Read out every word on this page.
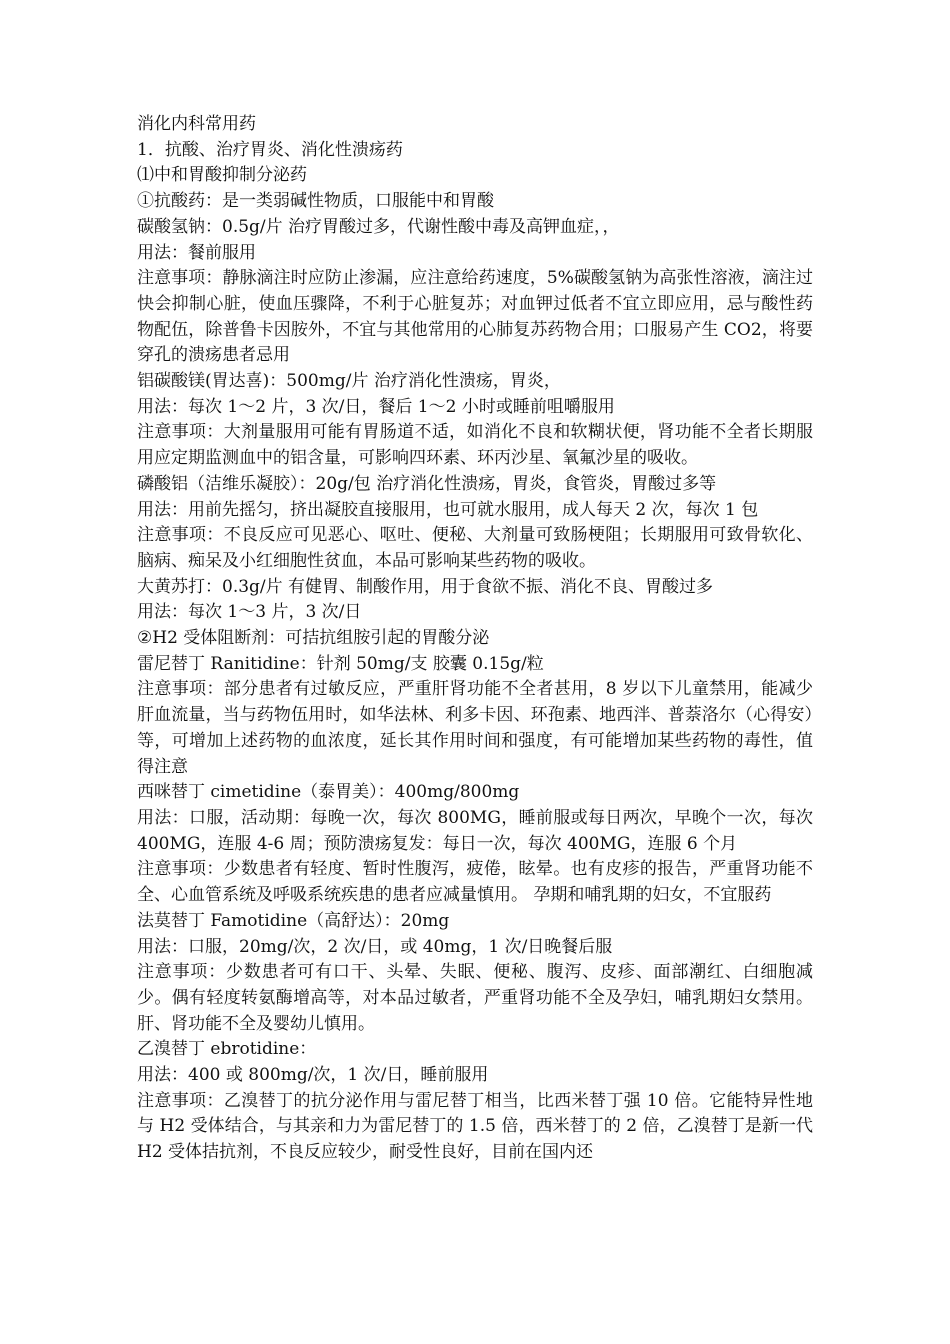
消化内科常用药

1．抗酸、治疗胃炎、消化性溃疡药

⑴中和胃酸抑制分泌药

①抗酸药：是一类弱碱性物质，口服能中和胃酸

碳酸氢钠：0.5g/片 治疗胃酸过多，代谢性酸中毒及高钾血症，，

用法：餐前服用

注意事项：静脉滴注时应防止渗漏，应注意给药速度，5%碳酸氢钠为高张性溶液，滴注过快会抑制心脏，使血压骤降，不利于心脏复苏；对血钾过低者不宜立即应用，忌与酸性药物配伍，除普鲁卡因胺外，不宜与其他常用的心肺复苏药物合用；口服易产生 CO2，将要穿孔的溃疡患者忌用

铝碳酸镁(胃达喜)：500mg/片 治疗消化性溃疡，胃炎，

用法：每次 1～2 片，3 次/日，餐后 1～2 小时或睡前咀嚼服用

注意事项：大剂量服用可能有胃肠道不适，如消化不良和软糊状便，肾功能不全者长期服用应定期监测血中的铝含量，可影响四环素、环丙沙星、氧氟沙星的吸收。

磷酸铝（洁维乐凝胶）：20g/包 治疗消化性溃疡，胃炎，食管炎，胃酸过多等

用法：用前先摇匀，挤出凝胶直接服用，也可就水服用，成人每天 2 次，每次 1 包

注意事项：不良反应可见恶心、呕吐、便秘、大剂量可致肠梗阻；长期服用可致骨软化、脑病、痴呆及小红细胞性贫血，本品可影响某些药物的吸收。

大黄苏打：0.3g/片 有健胃、制酸作用，用于食欲不振、消化不良、胃酸过多

用法：每次 1～3 片，3 次/日

②H2 受体阻断剂：可拮抗组胺引起的胃酸分泌

雷尼替丁 Ranitidine：针剂 50mg/支 胶囊 0.15g/粒

注意事项：部分患者有过敏反应，严重肝肾功能不全者甚用，8 岁以下儿童禁用，能减少肝血流量，当与药物伍用时，如华法林、利多卡因、环孢素、地西泮、普萘洛尔（心得安）等，可增加上述药物的血浓度，延长其作用时间和强度，有可能增加某些药物的毒性，值得注意

西咪替丁 cimetidine（泰胃美）：400mg/800mg

用法：口服，活动期：每晚一次，每次 800MG，睡前服或每日两次，早晚个一次，每次 400MG，连服 4-6 周；预防溃疡复发：每日一次，每次 400MG，连服 6 个月

注意事项：少数患者有轻度、暂时性腹泻，疲倦，眩晕。也有皮疹的报告，严重肾功能不全、心血管系统及呼吸系统疾患的患者应减量慎用。 孕期和哺乳期的妇女，不宜服药

法莫替丁 Famotidine（高舒达）：20mg

用法：口服，20mg/次，2 次/日，或 40mg，1 次/日晚餐后服

注意事项：少数患者可有口干、头晕、失眠、便秘、腹泻、皮疹、面部潮红、白细胞减少。偶有轻度转氨酶增高等，对本品过敏者，严重肾功能不全及孕妇，哺乳期妇女禁用。肝、肾功能不全及婴幼儿慎用。

乙溴替丁 ebrotidine：

用法：400 或 800mg/次，1 次/日，睡前服用

注意事项：乙溴替丁的抗分泌作用与雷尼替丁相当，比西米替丁强 10 倍。它能特异性地与 H2 受体结合，与其亲和力为雷尼替丁的 1.5 倍，西米替丁的 2 倍，乙溴替丁是新一代 H2 受体拮抗剂，不良反应较少，耐受性良好，目前在国内还
